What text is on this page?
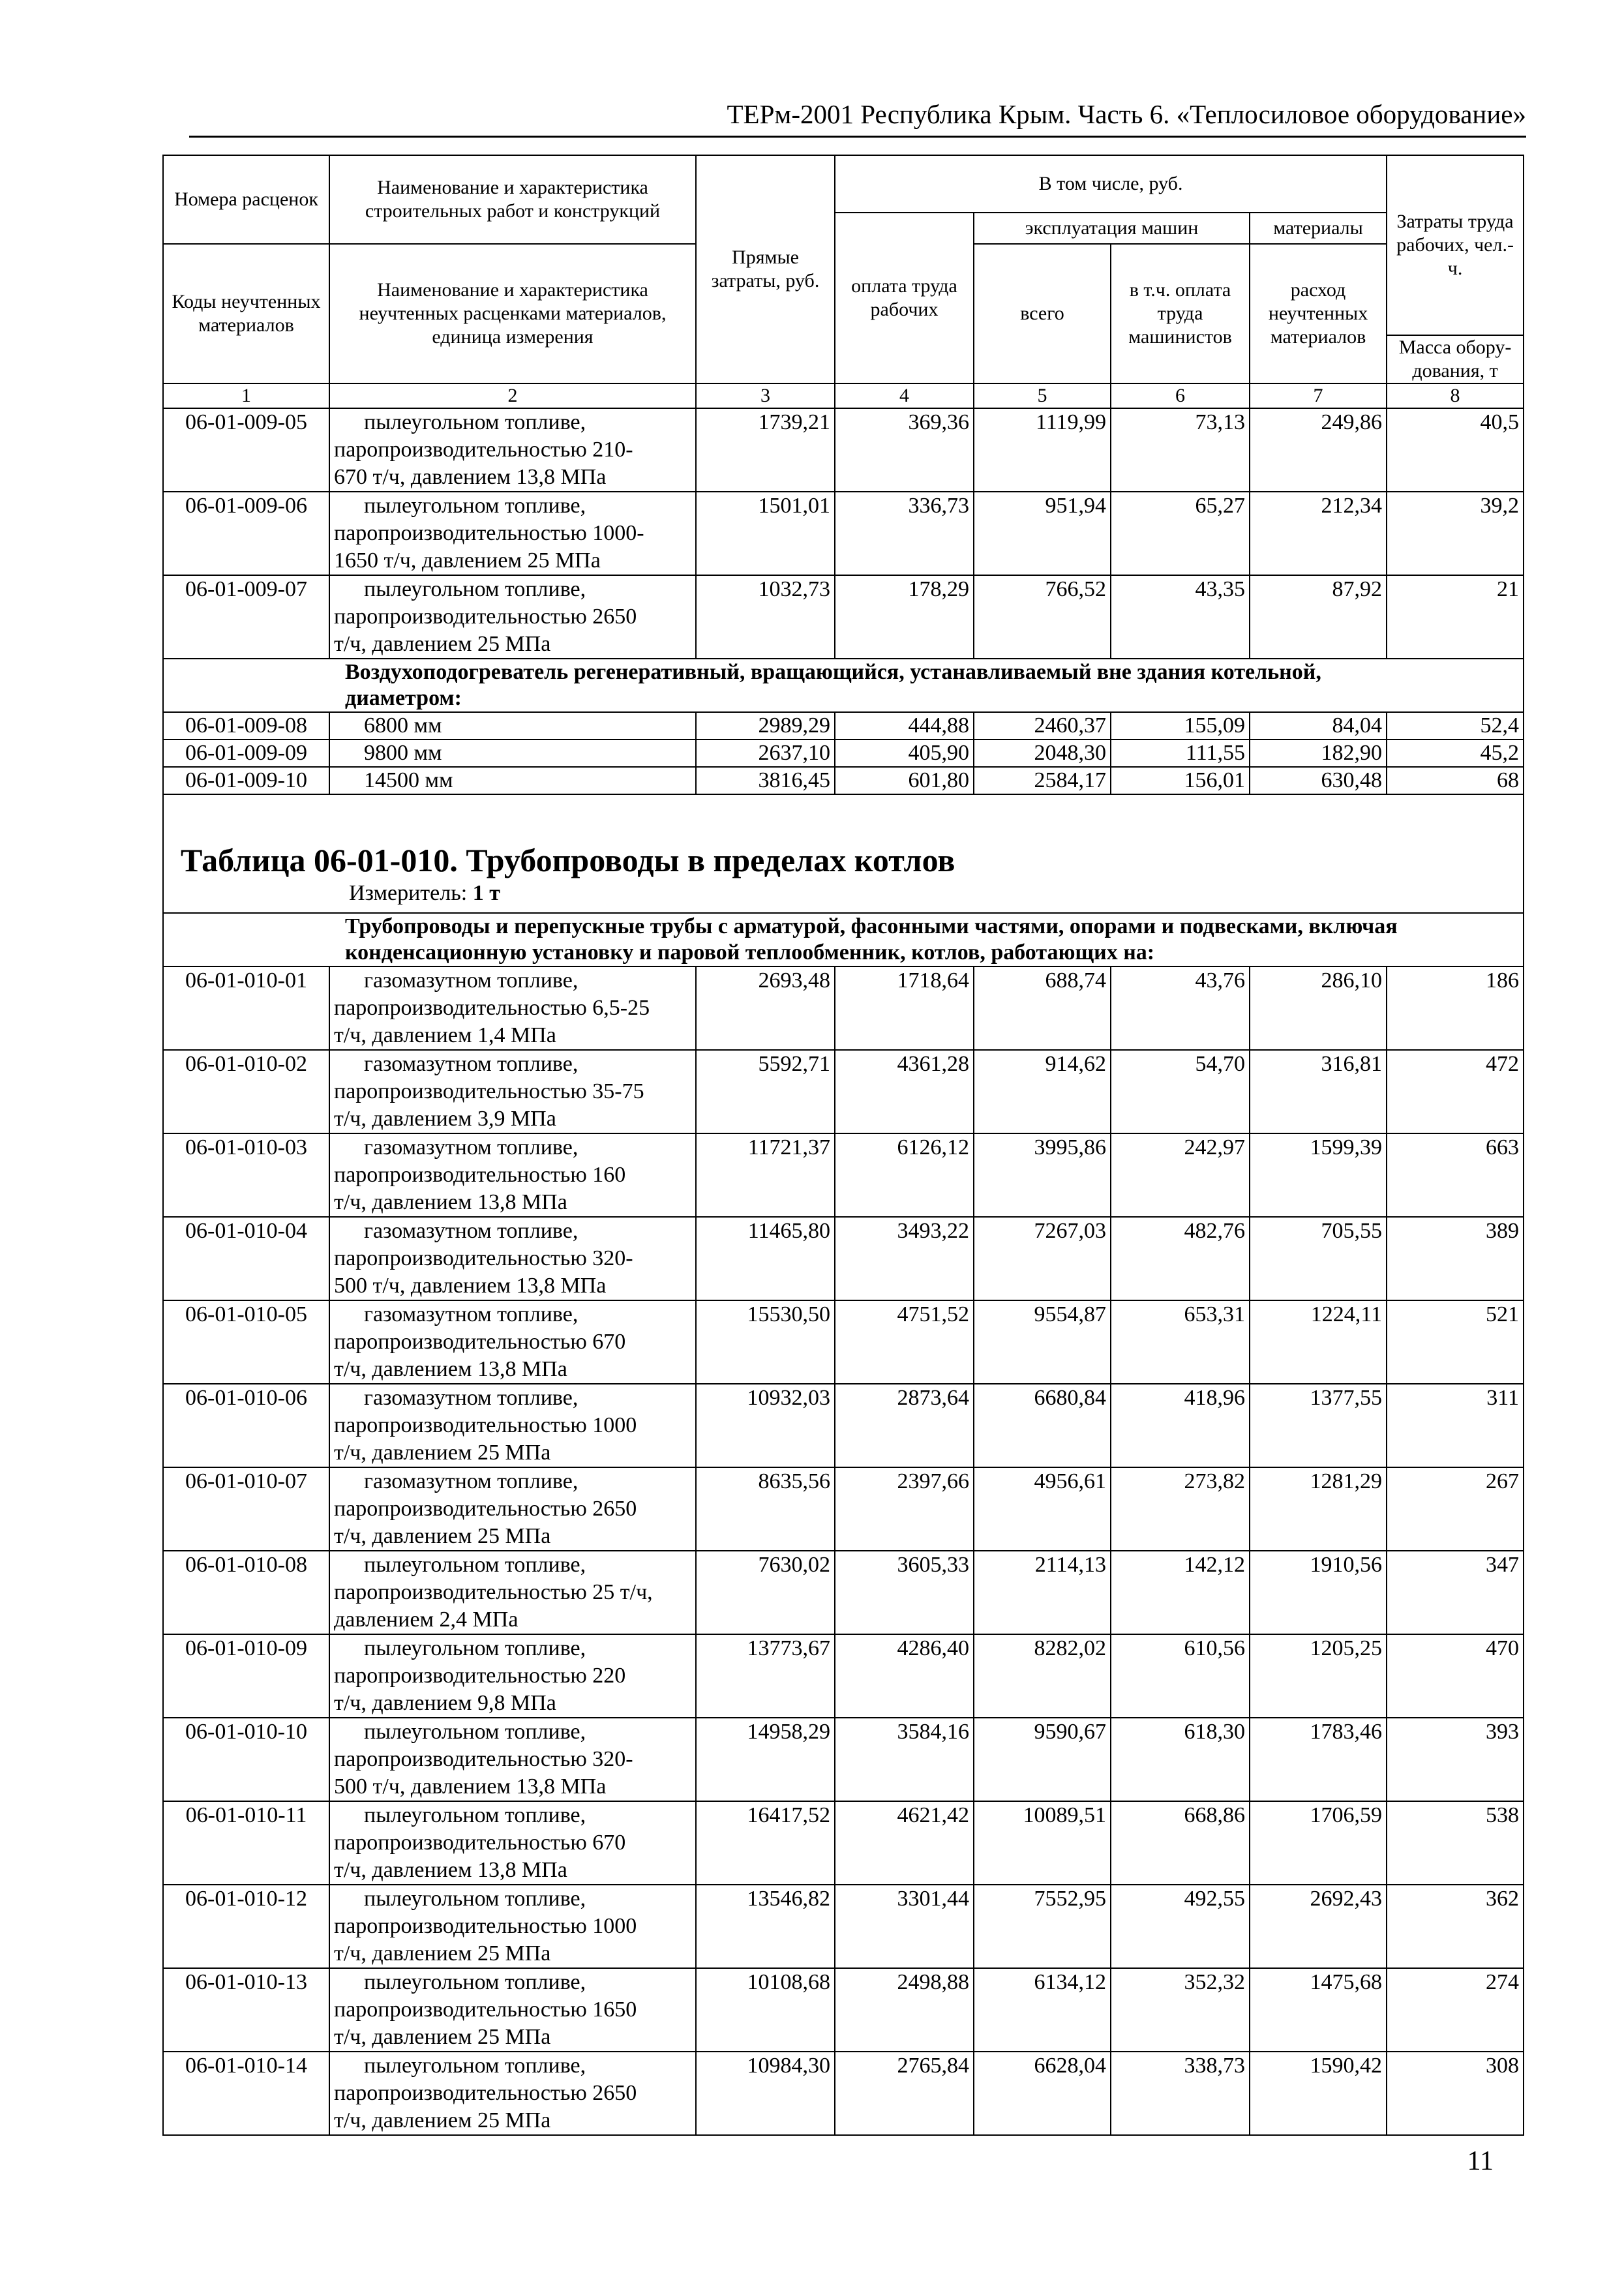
ТЕРм-2001 Республика Крым. Часть 6. «Теплосиловое оборудование»
Номера расценок	Наименование и характеристика строительных работ и конструкций	Прямые затраты, руб.	В том числе, руб.				Затраты труда рабочих, чел.-ч.
			оплата труда рабочих	эксплуатация машин		материалы	
Коды неучтенных материалов	Наименование и характеристика неучтенных расценками материалов, единица измерения			всего	в т.ч. оплата труда машинистов	расход неучтенных материалов	
							Масса обору-дования, т
1	2	3	4	5	6	7	8
06-01-009-05	пылеугольном топливе,
паропроизводительностью 210-
670 т/ч, давлением 13,8 МПа	1739,21	369,36	1119,99	73,13	249,86	40,5
06-01-009-06	пылеугольном топливе,
паропроизводительностью 1000-
1650 т/ч, давлением 25 МПа	1501,01	336,73	951,94	65,27	212,34	39,2
06-01-009-07	пылеугольном топливе,
паропроизводительностью 2650
т/ч, давлением 25 МПа	1032,73	178,29	766,52	43,35	87,92	21

Воздухоподогреватель регенеративный, вращающийся, устанавливаемый вне здания котельной,
диаметром:							

06-01-009-08	6800 мм	2989,29	444,88	2460,37	155,09	84,04	52,4
06-01-009-09	9800 мм	2637,10	405,90	2048,30	111,55	182,90	45,2
06-01-009-10	14500 мм	3816,45	601,80	2584,17	156,01	630,48	68

Таблица 06-01-010. Трубопроводы в пределах котлов							
Измеритель: 1 т							

Трубопроводы и перепускные трубы с арматурой, фасонными частями, опорами и подвесками, включая
конденсационную установку и паровой теплообменник, котлов, работающих на:							

06-01-010-01	газомазутном топливе,
паропроизводительностью 6,5-25
т/ч, давлением 1,4 МПа	2693,48	1718,64	688,74	43,76	286,10	186
06-01-010-02	газомазутном топливе,
паропроизводительностью 35-75
т/ч, давлением 3,9 МПа	5592,71	4361,28	914,62	54,70	316,81	472
06-01-010-03	газомазутном топливе,
паропроизводительностью 160
т/ч, давлением 13,8 МПа	11721,37	6126,12	3995,86	242,97	1599,39	663
06-01-010-04	газомазутном топливе,
паропроизводительностью 320-
500 т/ч, давлением 13,8 МПа	11465,80	3493,22	7267,03	482,76	705,55	389
06-01-010-05	газомазутном топливе,
паропроизводительностью 670
т/ч, давлением 13,8 МПа	15530,50	4751,52	9554,87	653,31	1224,11	521
06-01-010-06	газомазутном топливе,
паропроизводительностью 1000
т/ч, давлением 25 МПа	10932,03	2873,64	6680,84	418,96	1377,55	311
06-01-010-07	газомазутном топливе,
паропроизводительностью 2650
т/ч, давлением 25 МПа	8635,56	2397,66	4956,61	273,82	1281,29	267
06-01-010-08	пылеугольном топливе,
паропроизводительностью 25 т/ч,
давлением 2,4 МПа	7630,02	3605,33	2114,13	142,12	1910,56	347
06-01-010-09	пылеугольном топливе,
паропроизводительностью 220
т/ч, давлением 9,8 МПа	13773,67	4286,40	8282,02	610,56	1205,25	470
06-01-010-10	пылеугольном топливе,
паропроизводительностью 320-
500 т/ч, давлением 13,8 МПа	14958,29	3584,16	9590,67	618,30	1783,46	393
06-01-010-11	пылеугольном топливе,
паропроизводительностью 670
т/ч, давлением 13,8 МПа	16417,52	4621,42	10089,51	668,86	1706,59	538
06-01-010-12	пылеугольном топливе,
паропроизводительностью 1000
т/ч, давлением 25 МПа	13546,82	3301,44	7552,95	492,55	2692,43	362
06-01-010-13	пылеугольном топливе,
паропроизводительностью 1650
т/ч, давлением 25 МПа	10108,68	2498,88	6134,12	352,32	1475,68	274
06-01-010-14	пылеугольном топливе,
паропроизводительностью 2650
т/ч, давлением 25 МПа	10984,30	2765,84	6628,04	338,73	1590,42	308
11
